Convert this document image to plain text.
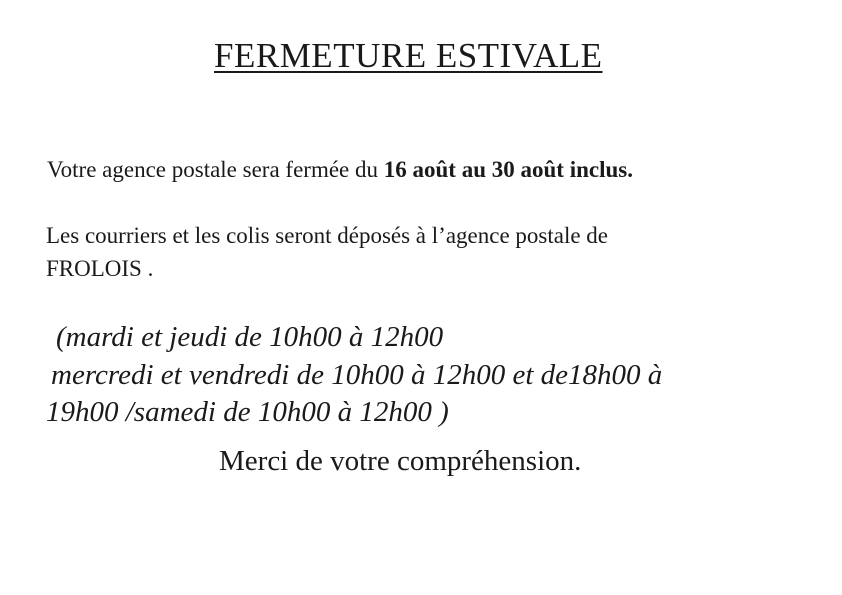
FERMETURE ESTIVALE

Votre agence postale sera fermée du 16 août au 30 août inclus.

Les courriers et les colis seront déposés à l’agence postale de

FROLOIS .

(mardi et jeudi de 10h00 à 12h00

mercredi et vendredi de 10h00 à 12h00 et de18h00 à

19h00 /samedi de 10h00 à 12h00 )

Merci de votre compréhension.
